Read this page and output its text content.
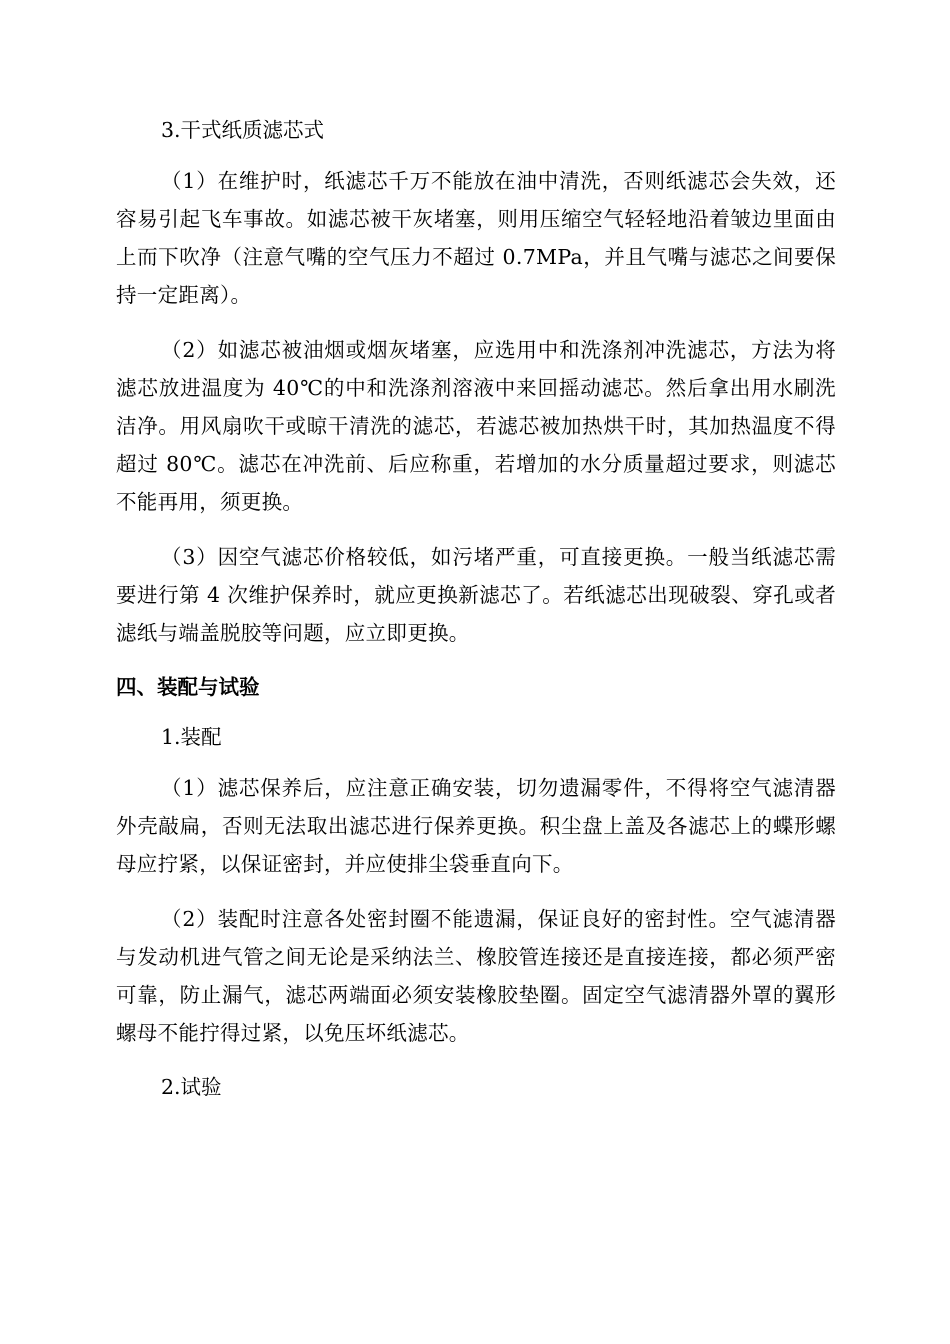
3.干式纸质滤芯式

（1）在维护时，纸滤芯千万不能放在油中清洗，否则纸滤芯会失效，还容易引起飞车事故。如滤芯被干灰堵塞，则用压缩空气轻轻地沿着皱边里面由上而下吹净（注意气嘴的空气压力不超过 0.7MPa，并且气嘴与滤芯之间要保持一定距离）。

（2）如滤芯被油烟或烟灰堵塞，应选用中和洗涤剂冲洗滤芯，方法为将滤芯放进温度为 40℃的中和洗涤剂溶液中来回摇动滤芯。然后拿出用水刷洗洁净。用风扇吹干或晾干清洗的滤芯，若滤芯被加热烘干时，其加热温度不得超过 80℃。滤芯在冲洗前、后应称重，若增加的水分质量超过要求，则滤芯不能再用，须更换。

（3）因空气滤芯价格较低，如污堵严重，可直接更换。一般当纸滤芯需要进行第 4 次维护保养时，就应更换新滤芯了。若纸滤芯出现破裂、穿孔或者滤纸与端盖脱胶等问题，应立即更换。

四、装配与试验

1.装配

（1）滤芯保养后，应注意正确安装，切勿遗漏零件，不得将空气滤清器外壳敲扁，否则无法取出滤芯进行保养更换。积尘盘上盖及各滤芯上的蝶形螺母应拧紧，以保证密封，并应使排尘袋垂直向下。

（2）装配时注意各处密封圈不能遗漏，保证良好的密封性。空气滤清器与发动机进气管之间无论是采纳法兰、橡胶管连接还是直接连接，都必须严密可靠，防止漏气，滤芯两端面必须安装橡胶垫圈。固定空气滤清器外罩的翼形螺母不能拧得过紧，以免压坏纸滤芯。

2.试验
